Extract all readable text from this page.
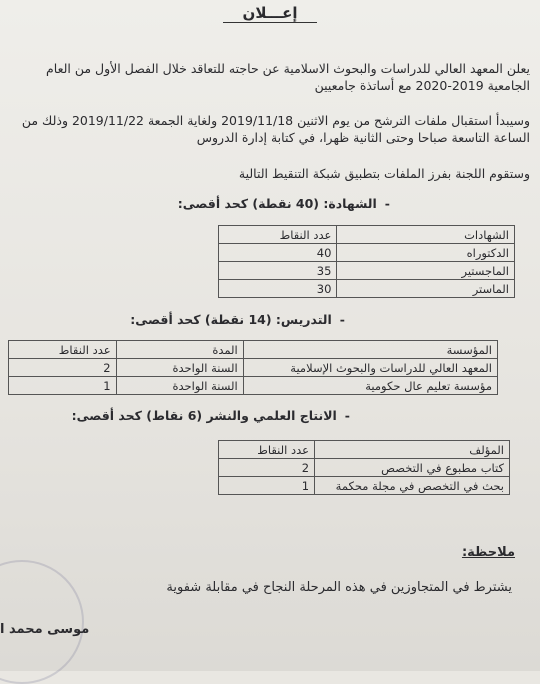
إعـــلان
يعلن المعهد العالي للدراسات والبحوث الاسلامية عن حاجته للتعاقد خلال الفصل الأول من العام الجامعية 2019-2020 مع أساتذة جامعيين
وسيبدأ استقبال ملفات الترشح من يوم الاثنين 2019/11/18 ولغاية الجمعة 2019/11/22 وذلك من الساعة التاسعة صباحا وحتى الثانية ظهرا، في كتابة إدارة الدروس
وستقوم اللجنة بفرز الملفات بتطبيق شبكة التنقيط التالية
-الشهادة: (40 نقطة) كحد أقصى:
الشهادات	عدد النقاط
الدكتوراه	40
الماجستير	35
الماستر	30
-التدريس: (14 نقطة) كحد أقصى:
المؤسسة	المدة	عدد النقاط
المعهد العالي للدراسات والبحوث الإسلامية	السنة الواحدة	2
مؤسسة تعليم عال حكومية	السنة الواحدة	1
-الانتاج العلمي والنشر (6 نقاط) كحد أقصى:
المؤلف	عدد النقاط
كتاب مطبوع في التخصص	2
بحث في التخصص في مجلة محكمة	1
ملاحظة:
يشترط في المتجاوزين في هذه المرحلة النجاح في مقابلة شفوية
موسى محمد ا
